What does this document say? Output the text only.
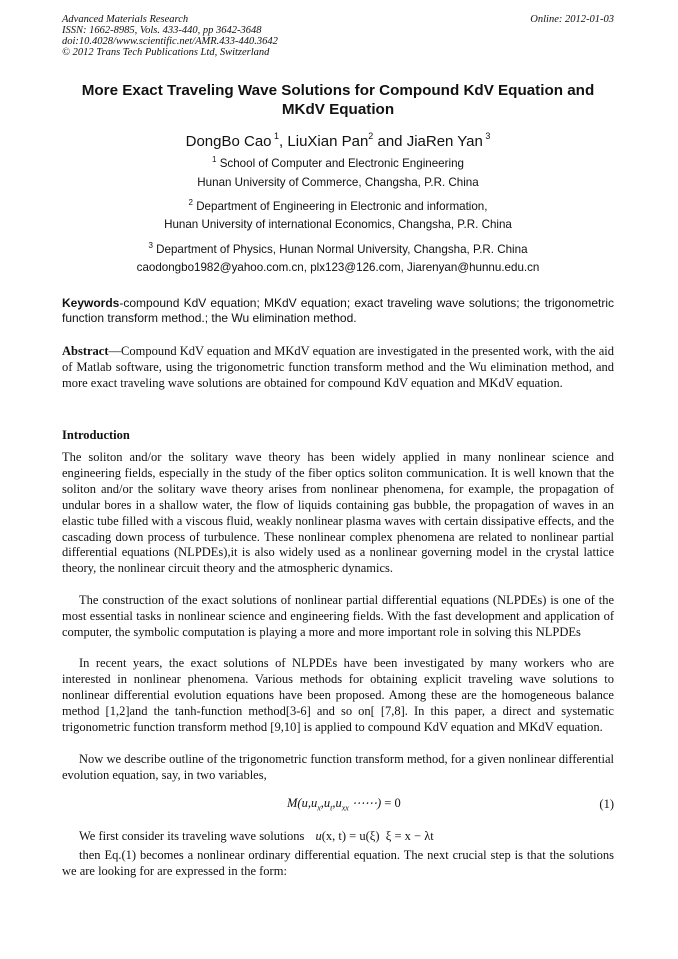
Advanced Materials Research
ISSN: 1662-8985, Vols. 433-440, pp 3642-3648
doi:10.4028/www.scientific.net/AMR.433-440.3642
© 2012 Trans Tech Publications Ltd, Switzerland
Online: 2012-01-03
More Exact Traveling Wave Solutions for Compound KdV Equation and
MKdV Equation
DongBo Cao $^1$, LiuXian Pan$^2$ and JiaRen Yan $^3$
$^1$ School of Computer and Electronic Engineering
Hunan University of Commerce, Changsha, P.R. China
$^2$ Department of Engineering in Electronic and information,
Hunan University of international Economics, Changsha, P.R. China
$^3$ Department of Physics, Hunan Normal University, Changsha, P.R. China
caodongbo1982@yahoo.com.cn, plx123@126.com, Jiarenyan@hunnu.edu.cn
Keywords-compound KdV equation; MKdV equation; exact traveling wave solutions; the trigonometric function transform method.; the Wu elimination method.
Abstract—Compound KdV equation and MKdV equation are investigated in the presented work, with the aid of Matlab software, using the trigonometric function transform method and the Wu elimination method, and more exact traveling wave solutions are obtained for compound KdV equation and MKdV equation.
Introduction
The soliton and/or the solitary wave theory has been widely applied in many nonlinear science and engineering fields, especially in the study of the fiber optics soliton communication. It is well known that the soliton and/or the solitary wave theory arises from nonlinear phenomena, for example, the propagation of undular bores in a shallow water, the flow of liquids containing gas bubble, the propagation of waves in an elastic tube filled with a viscous fluid, weakly nonlinear plasma waves with certain dissipative effects, and the cascading down process of turbulence. These nonlinear complex phenomena are related to nonlinear partial differential equations (NLPDEs),it is also widely used as a nonlinear governing model in the crystal lattice theory, the nonlinear circuit theory and the atmospheric dynamics.
The construction of the exact solutions of nonlinear partial differential equations (NLPDEs) is one of the most essential tasks in nonlinear science and engineering fields. With the fast development and application of computer, the symbolic computation is playing a more and more important role in solving this NLPDEs
In recent years, the exact solutions of NLPDEs have been investigated by many workers who are interested in nonlinear phenomena. Various methods for obtaining explicit traveling wave solutions to nonlinear differential evolution equations have been proposed. Among these are the homogeneous balance method [1,2]and the tanh-function method[3-6] and so on[ [7,8]. In this paper, a direct and systematic trigonometric function transform method [9,10] is applied to compound KdV equation and MKdV equation.
Now we describe outline of the trigonometric function transform method, for a given nonlinear differential evolution equation, say, in two variables,
$M(u,u_x,u_t,u_{xx}$ ⋯⋯) = 0	(1)
We first consider its traveling wave solutions u(x, t) = u(ξ)  ξ = x − λt
then Eq.(1) becomes a nonlinear ordinary differential equation. The next crucial step is that the solutions we are looking for are expressed in the form:
